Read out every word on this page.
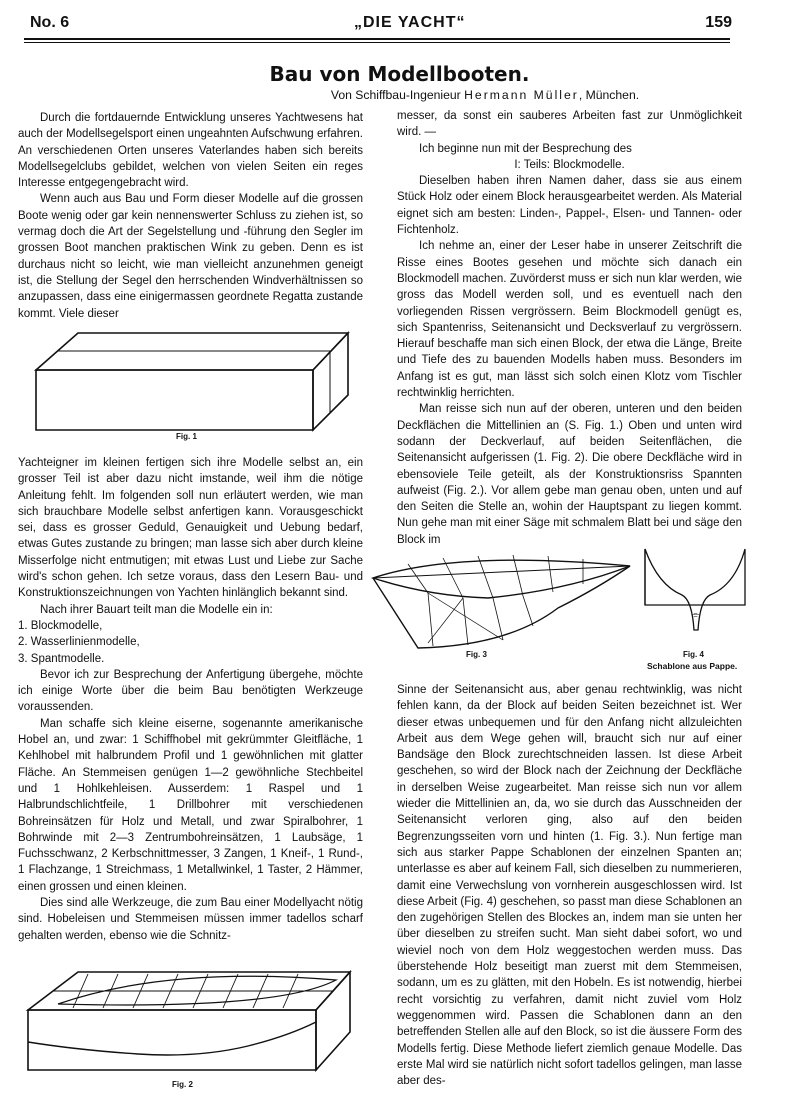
No. 6	„DIE YACHT“	159
Bau von Modellbooten.
Von Schiffbau-Ingenieur Hermann Müller, München.

Durch die fortdauernde Entwicklung unseres Yachtwesens hat auch der Modellsegelsport einen ungeahnten Aufschwung erfahren. An verschiedenen Orten unseres Vaterlandes haben sich bereits Modellsegelclubs gebildet, welchen von vielen Seiten ein reges Interesse entgegengebracht wird.

Wenn auch aus Bau und Form dieser Modelle auf die grossen Boote wenig oder gar kein nennenswerter Schluss zu ziehen ist, so vermag doch die Art der Segelstellung und -führung den Segler im grossen Boot manchen praktischen Wink zu geben. Denn es ist durchaus nicht so leicht, wie man vielleicht anzunehmen geneigt ist, die Stellung der Segel den herrschenden Windverhältnissen so anzupassen, dass eine einigermassen geordnete Regatta zustande kommt. Viele dieser

Fig. 1

Yachteigner im kleinen fertigen sich ihre Modelle selbst an, ein grosser Teil ist aber dazu nicht imstande, weil ihm die nötige Anleitung fehlt. Im folgenden soll nun erläutert werden, wie man sich brauchbare Modelle selbst anfertigen kann. Vorausgeschickt sei, dass es grosser Geduld, Genauigkeit und Uebung bedarf, etwas Gutes zustande zu bringen; man lasse sich aber durch kleine Misserfolge nicht entmutigen; mit etwas Lust und Liebe zur Sache wird's schon gehen. Ich setze voraus, dass den Lesern Bau- und Konstruktionszeichnungen von Yachten hinlänglich bekannt sind.

Nach ihrer Bauart teilt man die Modelle ein in:

1. Blockmodelle,
2. Wasserlinienmodelle,
3. Spantmodelle.

Bevor ich zur Besprechung der Anfertigung übergehe, möchte ich einige Worte über die beim Bau benötigten Werkzeuge voraussenden.

Man schaffe sich kleine eiserne, sogenannte amerikanische Hobel an, und zwar: 1 Schiffhobel mit gekrümmter Gleitfläche, 1 Kehlhobel mit halbrundem Profil und 1 gewöhnlichen mit glatter Fläche. An Stemmeisen genügen 1—2 gewöhnliche Stechbeitel und 1 Hohlkehleisen. Ausserdem: 1 Raspel und 1 Halbrundschlichtfeile, 1 Drillbohrer mit verschiedenen Bohreinsätzen für Holz und Metall, und zwar Spiralbohrer, 1 Bohrwinde mit 2—3 Zentrumbohreinsätzen, 1 Laubsäge, 1 Fuchsschwanz, 2 Kerbschnittmesser, 3 Zangen, 1 Kneif-, 1 Rund-, 1 Flachzange, 1 Streichmass, 1 Metallwinkel, 1 Taster, 2 Hämmer, einen grossen und einen kleinen.

Dies sind alle Werkzeuge, die zum Bau einer Modellyacht nötig sind. Hobeleisen und Stemmeisen müssen immer tadellos scharf gehalten werden, ebenso wie die Schnitz-

Fig. 2

messer, da sonst ein sauberes Arbeiten fast zur Unmöglichkeit wird. —

Ich beginne nun mit der Besprechung des

I: Teils: Blockmodelle.

Dieselben haben ihren Namen daher, dass sie aus einem Stück Holz oder einem Block herausgearbeitet werden. Als Material eignet sich am besten: Linden-, Pappel-, Elsen- und Tannen- oder Fichtenholz.

Ich nehme an, einer der Leser habe in unserer Zeitschrift die Risse eines Bootes gesehen und möchte sich danach ein Blockmodell machen. Zuvörderst muss er sich nun klar werden, wie gross das Modell werden soll, und es eventuell nach den vorliegenden Rissen vergrössern. Beim Blockmodell genügt es, sich Spantenriss, Seitenansicht und Decksverlauf zu vergrössern. Hierauf beschaffe man sich einen Block, der etwa die Länge, Breite und Tiefe des zu bauenden Modells haben muss. Besonders im Anfang ist es gut, man lässt sich solch einen Klotz vom Tischler rechtwinklig herrichten.

Man reisse sich nun auf der oberen, unteren und den beiden Deckflächen die Mittellinien an (S. Fig. 1.) Oben und unten wird sodann der Deckverlauf, auf beiden Seitenflächen, die Seitenansicht aufgerissen (1. Fig. 2). Die obere Deckfläche wird in ebensoviele Teile geteilt, als der Konstruktionsriss Spannten aufweist (Fig. 2.). Vor allem gebe man genau oben, unten und auf den Seiten die Stelle an, wohin der Hauptspant zu liegen kommt. Nun gehe man mit einer Säge mit schmalem Blatt bei und säge den Block im

Fig. 3
⌯
Fig. 4
Schablone aus Pappe.

Sinne der Seitenansicht aus, aber genau rechtwinklig, was nicht fehlen kann, da der Block auf beiden Seiten bezeichnet ist. Wer dieser etwas unbequemen und für den Anfang nicht allzuleichten Arbeit aus dem Wege gehen will, braucht sich nur auf einer Bandsäge den Block zurechtschneiden lassen. Ist diese Arbeit geschehen, so wird der Block nach der Zeichnung der Deckfläche in derselben Weise zugearbeitet. Man reisse sich nun vor allem wieder die Mittellinien an, da, wo sie durch das Ausschneiden der Seitenansicht verloren ging, also auf den beiden Begrenzungsseiten vorn und hinten (1. Fig. 3.). Nun fertige man sich aus starker Pappe Schablonen der einzelnen Spanten an; unterlasse es aber auf keinem Fall, sich dieselben zu nummerieren, damit eine Verwechslung von vornherein ausgeschlossen wird. Ist diese Arbeit (Fig. 4) geschehen, so passt man diese Schablonen an den zugehörigen Stellen des Blockes an, indem man sie unten her über dieselben zu streifen sucht. Man sieht dabei sofort, wo und wieviel noch von dem Holz weggestochen werden muss. Das überstehende Holz beseitigt man zuerst mit dem Stemmeisen, sodann, um es zu glätten, mit den Hobeln. Es ist notwendig, hierbei recht vorsichtig zu verfahren, damit nicht zuviel vom Holz weggenommen wird. Passen die Schablonen dann an den betreffenden Stellen alle auf den Block, so ist die äussere Form des Modells fertig. Diese Methode liefert ziemlich genaue Modelle. Das erste Mal wird sie natürlich nicht sofort tadellos gelingen, man lasse aber des-
